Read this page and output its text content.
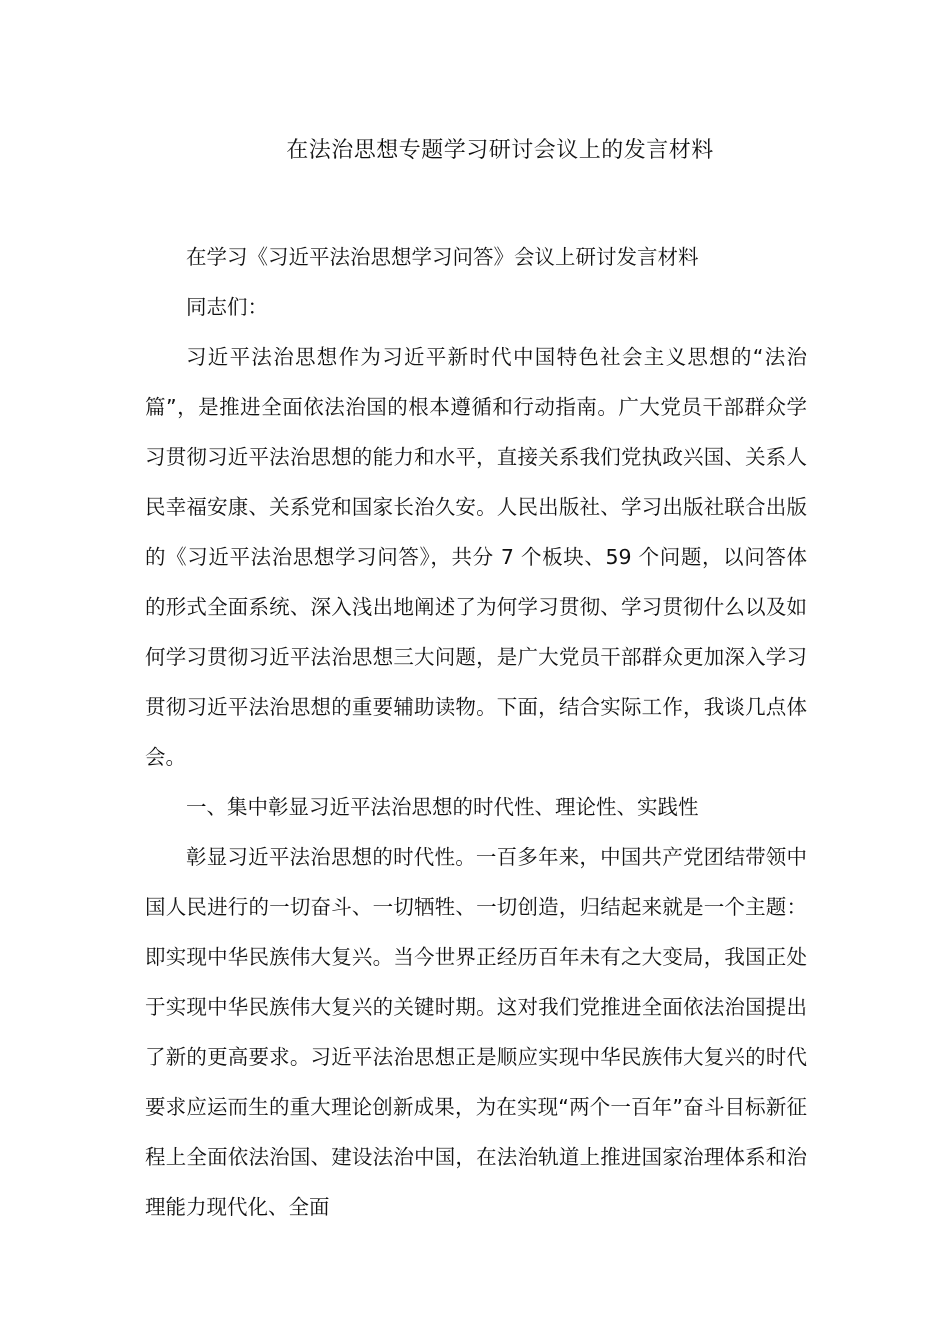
在法治思想专题学习研讨会议上的发言材料

在学习《习近平法治思想学习问答》会议上研讨发言材料

同志们：

习近平法治思想作为习近平新时代中国特色社会主义思想的“法治篇”，是推进全面依法治国的根本遵循和行动指南。广大党员干部群众学习贯彻习近平法治思想的能力和水平，直接关系我们党执政兴国、关系人民幸福安康、关系党和国家长治久安。人民出版社、学习出版社联合出版的《习近平法治思想学习问答》，共分 7 个板块、59 个问题，以问答体的形式全面系统、深入浅出地阐述了为何学习贯彻、学习贯彻什么以及如何学习贯彻习近平法治思想三大问题，是广大党员干部群众更加深入学习贯彻习近平法治思想的重要辅助读物。下面，结合实际工作，我谈几点体会。

一、集中彰显习近平法治思想的时代性、理论性、实践性

彰显习近平法治思想的时代性。一百多年来，中国共产党团结带领中国人民进行的一切奋斗、一切牺牲、一切创造，归结起来就是一个主题：即实现中华民族伟大复兴。当今世界正经历百年未有之大变局，我国正处于实现中华民族伟大复兴的关键时期。这对我们党推进全面依法治国提出了新的更高要求。习近平法治思想正是顺应实现中华民族伟大复兴的时代要求应运而生的重大理论创新成果，为在实现“两个一百年”奋斗目标新征程上全面依法治国、建设法治中国，在法治轨道上推进国家治理体系和治理能力现代化、全面
